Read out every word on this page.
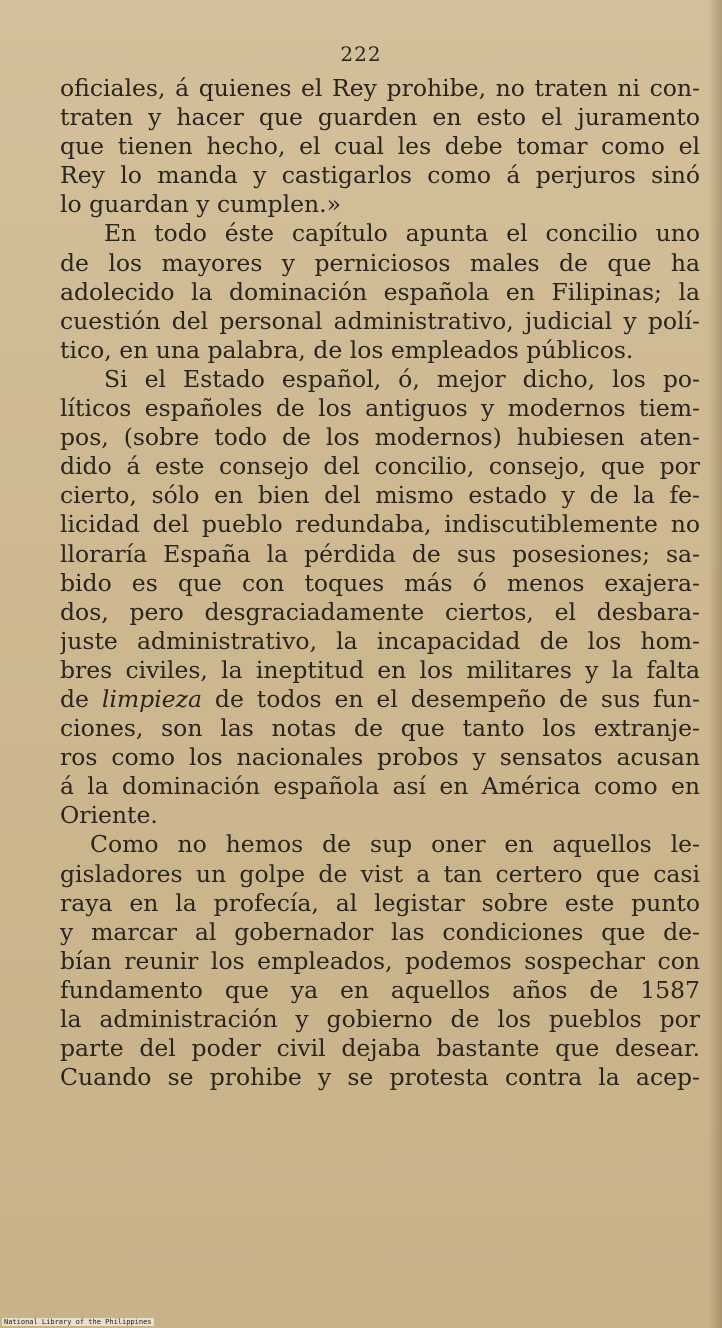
222
oficiales, á quienes el Rey prohibe, no traten ni con-
traten y hacer que guarden en esto el juramento
que tienen hecho, el cual les debe tomar como el
Rey lo manda y castigarlos como á perjuros sinó
lo guardan y cumplen.»
En todo éste capítulo apunta el concilio uno
de los mayores y perniciosos males de que ha
adolecido la dominación española en Filipinas; la
cuestión del personal administrativo, judicial y polí-
tico, en una palabra, de los empleados públicos.
Si el Estado español, ó, mejor dicho, los po-
líticos españoles de los antiguos y modernos tiem-
pos, (sobre todo de los modernos) hubiesen aten-
dido á este consejo del concilio, consejo, que por
cierto, sólo en bien del mismo estado y de la fe-
licidad del pueblo redundaba, indiscutiblemente no
lloraría España la pérdida de sus posesiones; sa-
bido es que con toques más ó menos exajera-
dos, pero desgraciadamente ciertos, el desbara-
juste administrativo, la incapacidad de los hom-
bres civiles, la ineptitud en los militares y la falta
de limpieza de todos en el desempeño de sus fun-
ciones, son las notas de que tanto los extranje-
ros como los nacionales probos y sensatos acusan
á la dominación española así en América como en
Oriente.
Como no hemos de sup oner en aquellos le-
gisladores un golpe de vist a tan certero que casi
raya en la profecía, al legistar sobre este punto
y marcar al gobernador las condiciones que de-
bían reunir los empleados, podemos sospechar con
fundamento que ya en aquellos años de 1587
la administración y gobierno de los pueblos por
parte del poder civil dejaba bastante que desear.
Cuando se prohibe y se protesta contra la acep-
National Library of the Philippines
